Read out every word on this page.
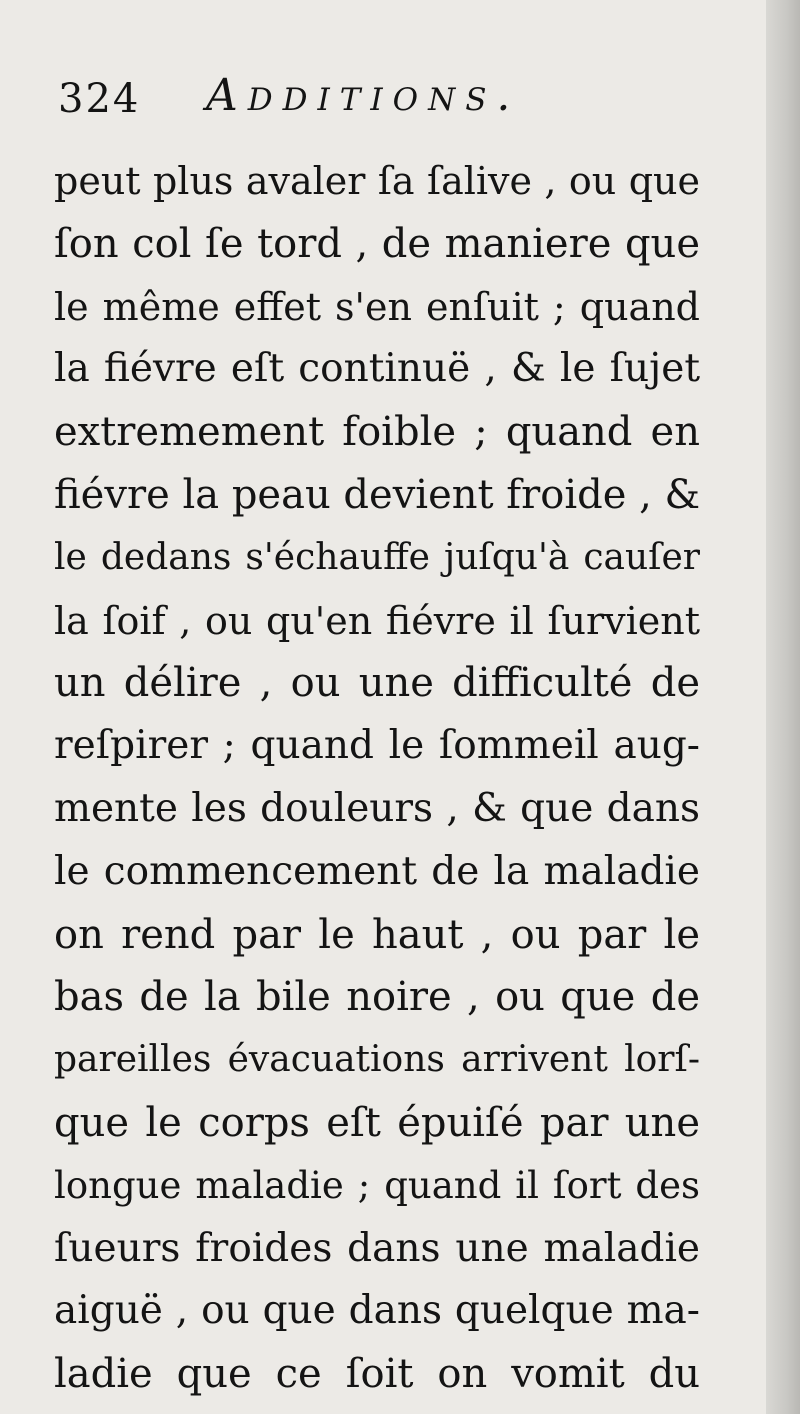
324 Additions.
peut plus avaler ſa ſalive , ou que
ſon col ſe tord , de maniere que
le même effet s'en enſuit ; quand
la fiévre eſt continuë , & le ſujet
extremement foible ; quand en
fiévre la peau devient froide , &
le dedans s'échauffe juſqu'à cauſer
la ſoif , ou qu'en fiévre il ſurvient
un délire , ou une difficulté de
reſpirer ; quand le ſommeil aug-
mente les douleurs , & que dans
le commencement de la maladie
on rend par le haut , ou par le
bas de la bile noire , ou que de
pareilles évacuations arrivent lorſ-
que le corps eſt épuiſé par une
longue maladie ; quand il ſort des
ſueurs froides dans une maladie
aiguë , ou que dans quelque ma-
ladie que ce ſoit on vomit du
